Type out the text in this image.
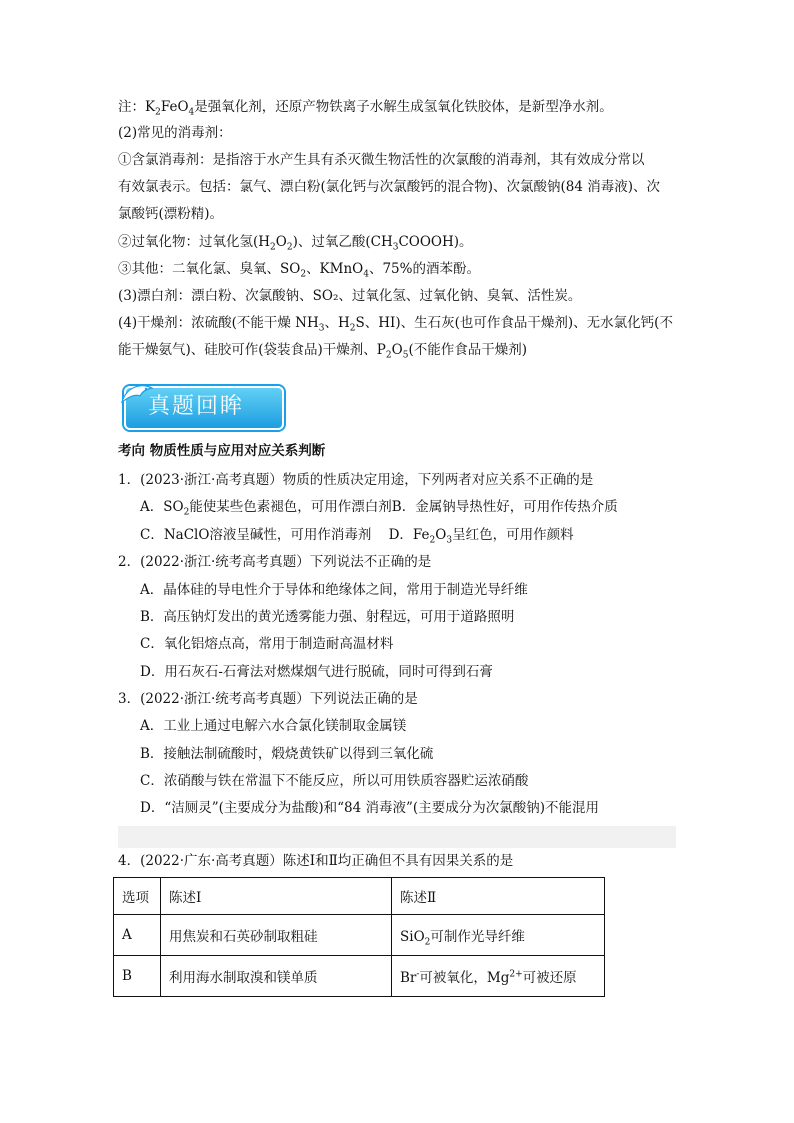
注：$K_2FeO_4$是强氧化剂，还原产物铁离子水解生成氢氧化铁胶体，是新型净水剂。
(2)常见的消毒剂：
①含氯消毒剂：是指溶于水产生具有杀灭微生物活性的次氯酸的消毒剂，其有效成分常以
有效氯表示。包括：氯气、漂白粉(氯化钙与次氯酸钙的混合物)、次氯酸钠(84 消毒液)、次
氯酸钙(漂粉精)。
②过氧化物：过氧化氢$(H_2O_2)$、过氧乙酸$(CH_3COOOH)$。
③其他：二氧化氯、臭氧、$SO_2$、KMnO$_4$、75%的酒苯酚。
(3)漂白剂：漂白粉、次氯酸钠、SO₂、过氧化氢、过氧化钠、臭氧、活性炭。
(4)干燥剂：浓硫酸(不能干燥 $NH_3$、$H_2S$、HI)、生石灰(也可作食品干燥剂)、无水氯化钙(不
能干燥氨气)、硅胶可作(袋装食品)干燥剂、$P_2O_5$(不能作食品干燥剂)
真题回眸
考向 物质性质与应用对应关系判断
1．(2023·浙江·高考真题）物质的性质决定用途，下列两者对应关系不正确的是
A．$SO_2$能使某些色素褪色，可用作漂白剂B．金属钠导热性好，可用作传热介质
C．NaClO溶液呈碱性，可用作消毒剂 D．$Fe_2O_3$呈红色，可用作颜料
2．(2022·浙江·统考高考真题）下列说法不正确的是
A．晶体硅的导电性介于导体和绝缘体之间，常用于制造光导纤维
B．高压钠灯发出的黄光透雾能力强、射程远，可用于道路照明
C．氧化铝熔点高，常用于制造耐高温材料
D．用石灰石-石膏法对燃煤烟气进行脱硫，同时可得到石膏
3．(2022·浙江·统考高考真题）下列说法正确的是
A．工业上通过电解六水合氯化镁制取金属镁
B．接触法制硫酸时，煅烧黄铁矿以得到三氧化硫
C．浓硝酸与铁在常温下不能反应，所以可用铁质容器贮运浓硝酸
D．“洁厕灵”(主要成分为盐酸)和“84 消毒液”(主要成分为次氯酸钠)不能混用
4．(2022·广东·高考真题）陈述Ⅰ和Ⅱ均正确但不具有因果关系的是
选项	陈述Ⅰ	陈述Ⅱ
A	用焦炭和石英砂制取粗硅	SiO$_2$可制作光导纤维
B	利用海水制取溴和镁单质	Br-可被氧化，$Mg^{2+}$可被还原
